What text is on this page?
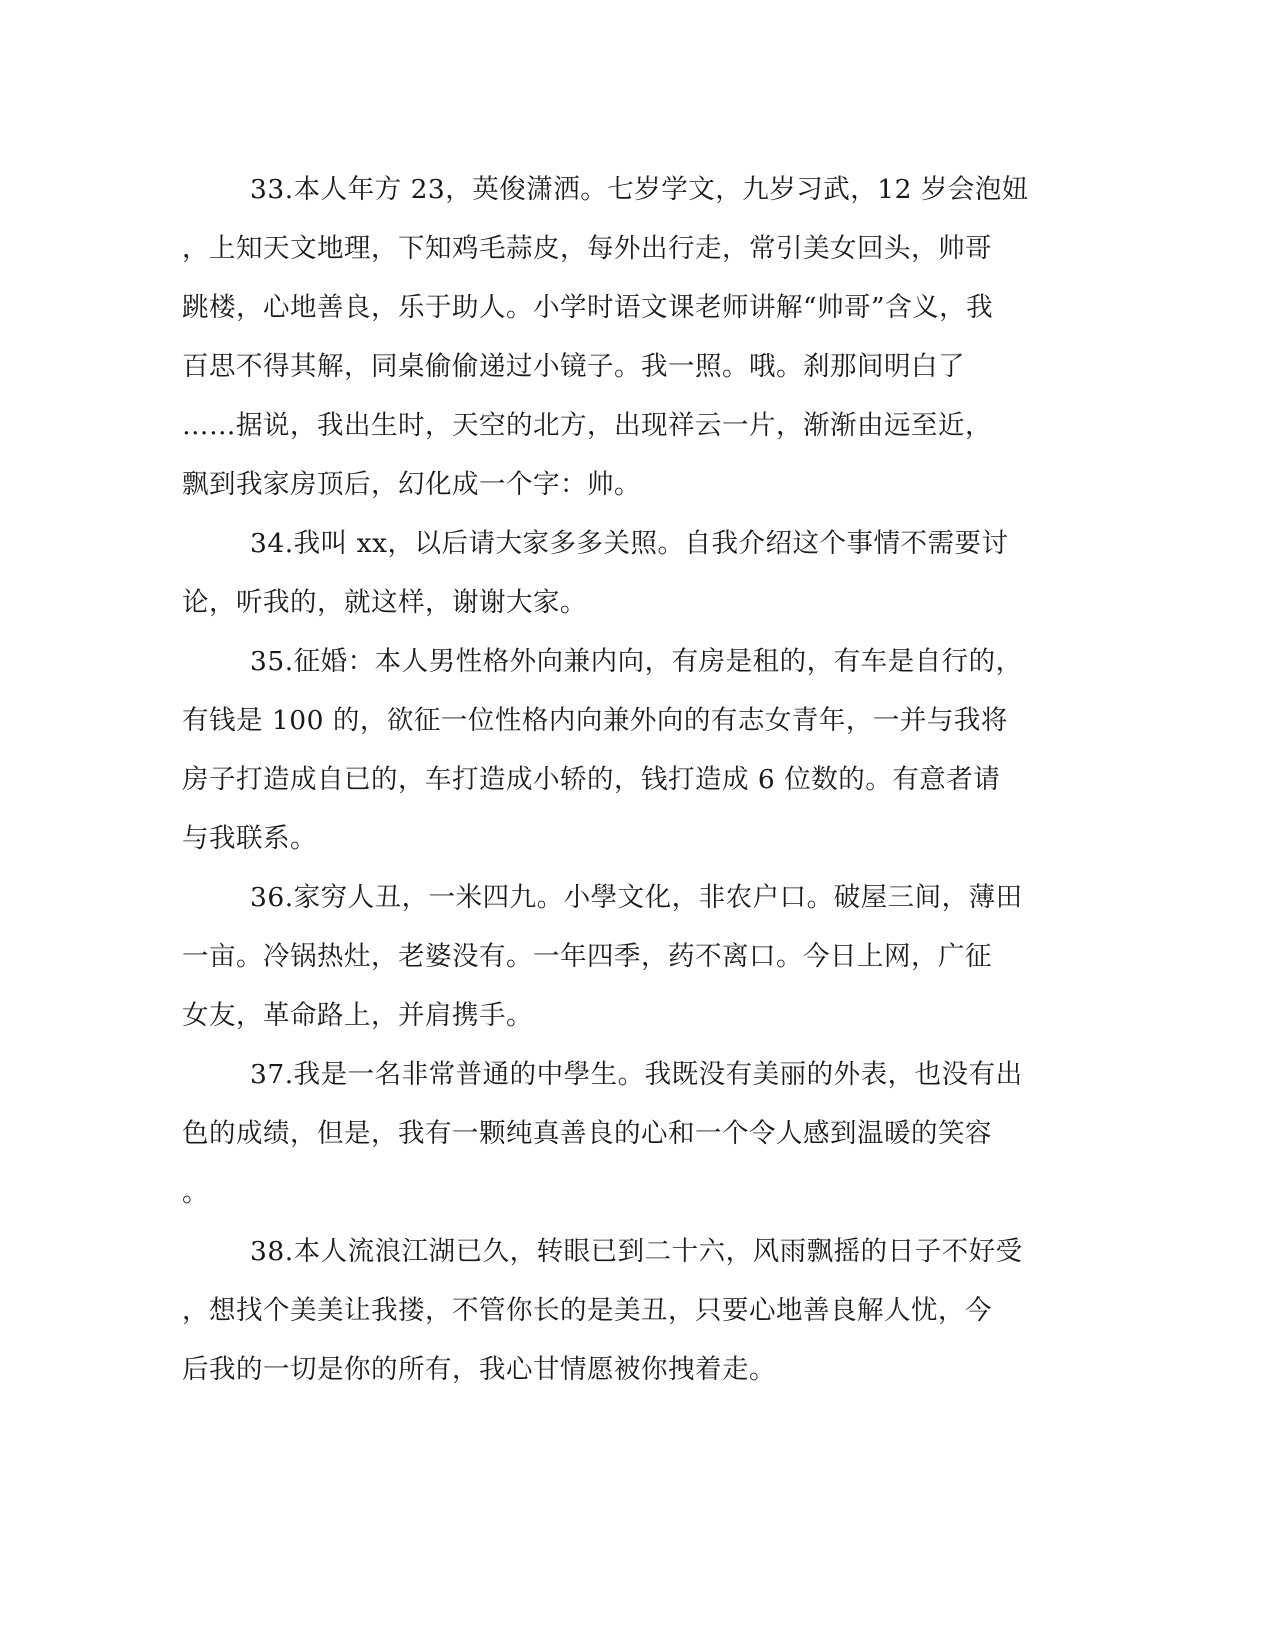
33.本人年方 23，英俊潇洒。七岁学文，九岁习武，12 岁会泡妞
，上知天文地理，下知鸡毛蒜皮，每外出行走，常引美女回头，帅哥
跳楼，心地善良，乐于助人。小学时语文课老师讲解“帅哥”含义，我
百思不得其解，同桌偷偷递过小镜子。我一照。哦。刹那间明白了
……据说，我出生时，天空的北方，出现祥云一片，渐渐由远至近，
飘到我家房顶后，幻化成一个字：帅。
34.我叫 xx，以后请大家多多关照。自我介绍这个事情不需要讨
论，听我的，就这样，谢谢大家。
35.征婚：本人男性格外向兼内向，有房是租的，有车是自行的，
有钱是 100 的，欲征一位性格内向兼外向的有志女青年，一并与我将
房子打造成自已的，车打造成小轿的，钱打造成 6 位数的。有意者请
与我联系。
36.家穷人丑，一米四九。小學文化，非农户口。破屋三间，薄田
一亩。冷锅热灶，老婆没有。一年四季，药不离口。今日上网，广征
女友，革命路上，并肩携手。
37.我是一名非常普通的中學生。我既没有美丽的外表，也没有出
色的成绩，但是，我有一颗纯真善良的心和一个令人感到温暖的笑容
。
38.本人流浪江湖已久，转眼已到二十六，风雨飘摇的日子不好受
，想找个美美让我搂，不管你长的是美丑，只要心地善良解人忧，今
后我的一切是你的所有，我心甘情愿被你拽着走。
